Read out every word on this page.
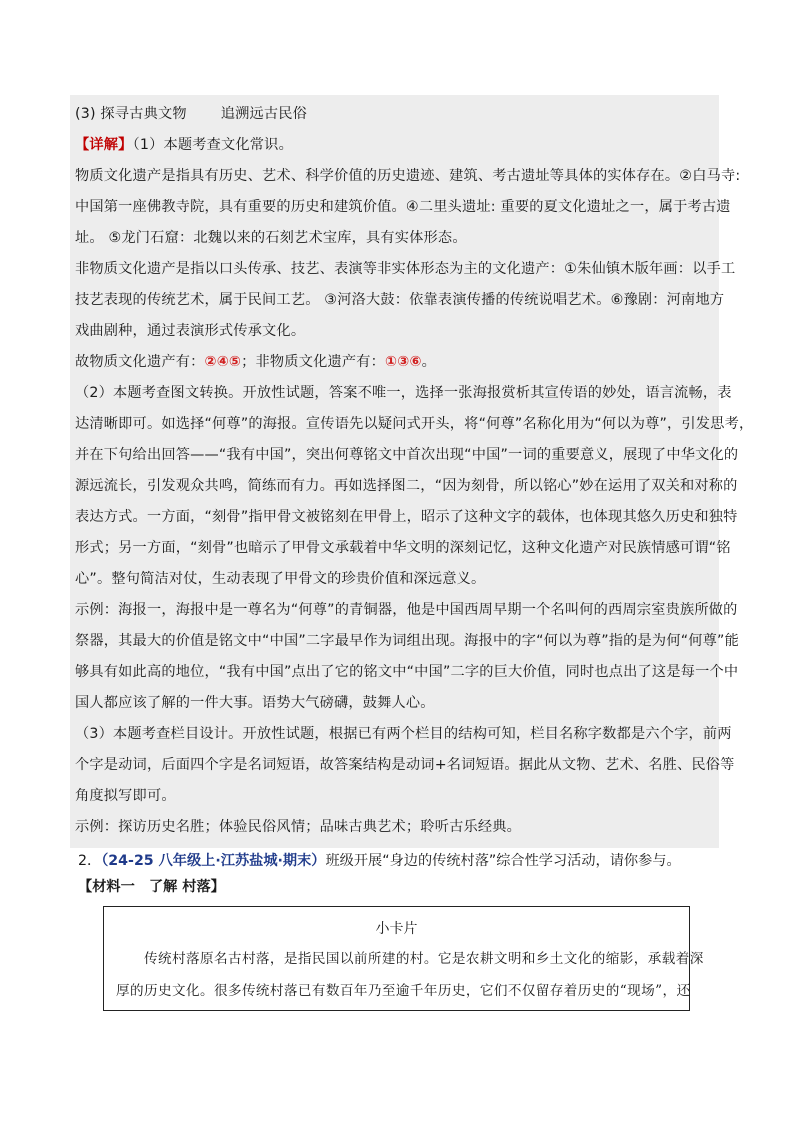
(3) 探寻古典文物 追溯远古民俗
【详解】（1）本题考查文化常识。
物质文化遗产是指具有历史、艺术、科学价值的历史遗迹、建筑、考古遗址等具体的实体存在。②白马寺:
中国第一座佛教寺院，具有重要的历史和建筑价值。④二里头遗址: 重要的夏文化遗址之一，属于考古遗
址。 ⑤龙门石窟：北魏以来的石刻艺术宝库，具有实体形态。
非物质文化遗产是指以口头传承、技艺、表演等非实体形态为主的文化遗产：①朱仙镇木版年画：以手工
技艺表现的传统艺术，属于民间工艺。 ③河洛大鼓：依靠表演传播的传统说唱艺术。⑥豫剧：河南地方
戏曲剧种，通过表演形式传承文化。
故物质文化遗产有：②④⑤；非物质文化遗产有：①③⑥。
（2）本题考查图文转换。开放性试题，答案不唯一，选择一张海报赏析其宣传语的妙处，语言流畅，表
达清晰即可。如选择“何尊”的海报。宣传语先以疑问式开头，将“何尊”名称化用为“何以为尊”，引发思考，
并在下句给出回答——“我有中国”，突出何尊铭文中首次出现“中国”一词的重要意义，展现了中华文化的
源远流长，引发观众共鸣，简练而有力。再如选择图二，“因为刻骨，所以铭心”妙在运用了双关和对称的
表达方式。一方面，“刻骨”指甲骨文被铭刻在甲骨上，昭示了这种文字的载体，也体现其悠久历史和独特
形式；另一方面，“刻骨”也暗示了甲骨文承载着中华文明的深刻记忆，这种文化遗产对民族情感可谓“铭
心”。整句简洁对仗，生动表现了甲骨文的珍贵价值和深远意义。
示例：海报一，海报中是一尊名为“何尊”的青铜器，他是中国西周早期一个名叫何的西周宗室贵族所做的
祭器，其最大的价值是铭文中“中国”二字最早作为词组出现。海报中的字“何以为尊”指的是为何“何尊”能
够具有如此高的地位，“我有中国”点出了它的铭文中“中国”二字的巨大价值，同时也点出了这是每一个中
国人都应该了解的一件大事。语势大气磅礴，鼓舞人心。
（3）本题考查栏目设计。开放性试题，根据已有两个栏目的结构可知，栏目名称字数都是六个字，前两
个字是动词，后面四个字是名词短语，故答案结构是动词+名词短语。据此从文物、艺术、名胜、民俗等
角度拟写即可。
示例：探访历史名胜；体验民俗风情；品味古典艺术；聆听古乐经典。
2．（24-25 八年级上·江苏盐城·期末）班级开展“身边的传统村落”综合性学习活动，请你参与。
【材料一　了解 村落】
小卡片
　　传统村落原名古村落，是指民国以前所建的村。它是农耕文明和乡土文化的缩影，承载着深
厚的历史文化。很多传统村落已有数百年乃至逾千年历史，它们不仅留存着历史的“现场”，还
